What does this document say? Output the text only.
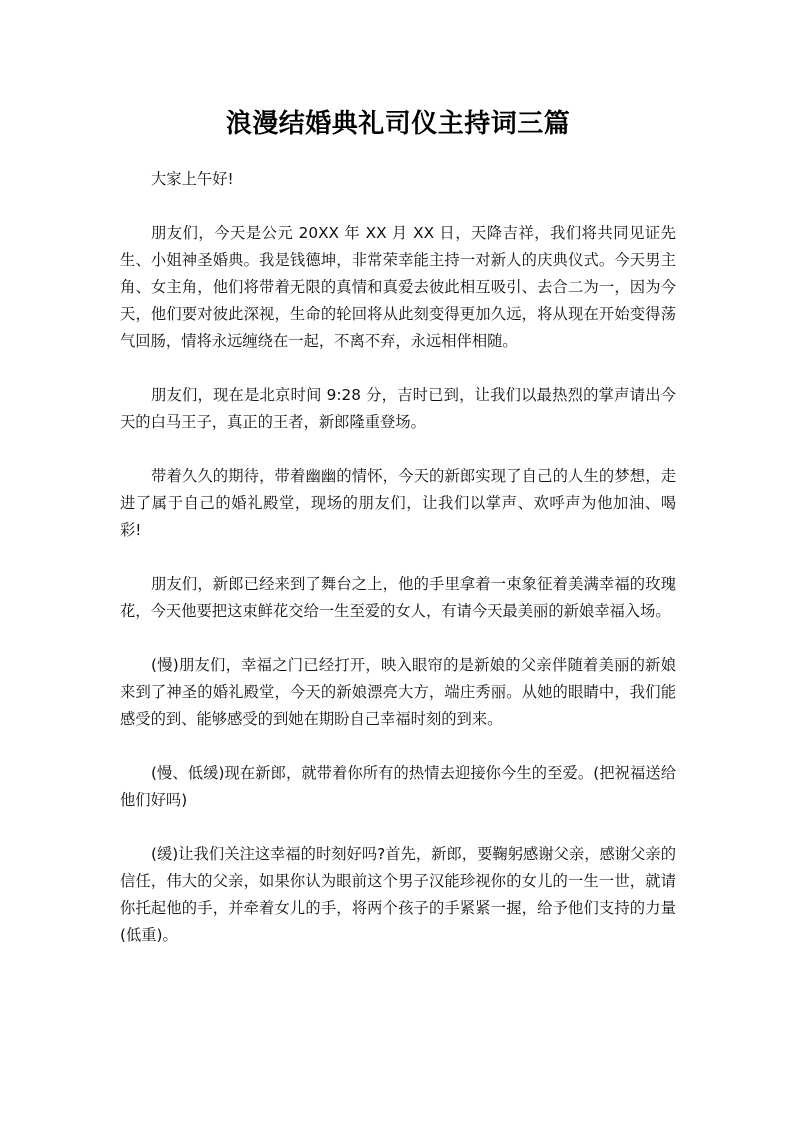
浪漫结婚典礼司仪主持词三篇

大家上午好!

朋友们，今天是公元 20XX 年 XX 月 XX 日，天降吉祥，我们将共同见证先生、小姐神圣婚典。我是钱德坤，非常荣幸能主持一对新人的庆典仪式。今天男主角、女主角，他们将带着无限的真情和真爱去彼此相互吸引、去合二为一，因为今天，他们要对彼此深视，生命的轮回将从此刻变得更加久远，将从现在开始变得荡气回肠，情将永远缠绕在一起，不离不弃，永远相伴相随。

朋友们，现在是北京时间 9:28 分，吉时已到，让我们以最热烈的掌声请出今天的白马王子，真正的王者，新郎隆重登场。

带着久久的期待，带着幽幽的情怀，今天的新郎实现了自己的人生的梦想，走进了属于自己的婚礼殿堂，现场的朋友们，让我们以掌声、欢呼声为他加油、喝彩!

朋友们，新郎已经来到了舞台之上，他的手里拿着一束象征着美满幸福的玫瑰花，今天他要把这束鲜花交给一生至爱的女人，有请今天最美丽的新娘幸福入场。

(慢)朋友们，幸福之门已经打开，映入眼帘的是新娘的父亲伴随着美丽的新娘来到了神圣的婚礼殿堂，今天的新娘漂亮大方，端庄秀丽。从她的眼睛中，我们能感受的到、能够感受的到她在期盼自己幸福时刻的到来。

(慢、低缓)现在新郎，就带着你所有的热情去迎接你今生的至爱。(把祝福送给他们好吗)

(缓)让我们关注这幸福的时刻好吗?首先，新郎，要鞠躬感谢父亲，感谢父亲的信任，伟大的父亲，如果你认为眼前这个男子汉能珍视你的女儿的一生一世，就请你托起他的手，并牵着女儿的手，将两个孩子的手紧紧一握，给予他们支持的力量(低重)。
